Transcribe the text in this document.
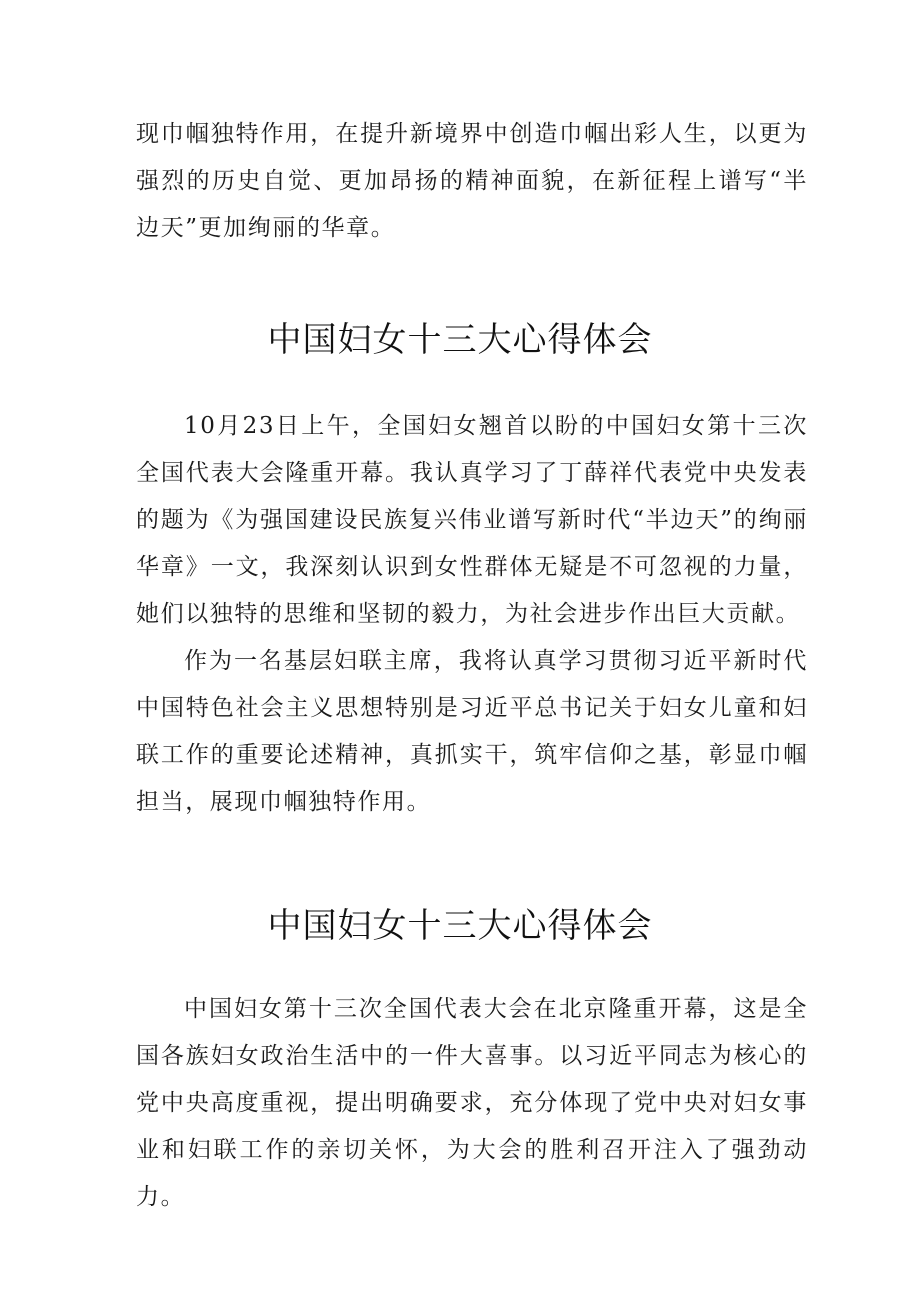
现巾帼独特作用，在提升新境界中创造巾帼出彩人生，以更为强烈的历史自觉、更加昂扬的精神面貌，在新征程上谱写“半边天”更加绚丽的华章。

中国妇女十三大心得体会

10月23日上午，全国妇女翘首以盼的中国妇女第十三次全国代表大会隆重开幕。我认真学习了丁薛祥代表党中央发表的题为《为强国建设民族复兴伟业谱写新时代“半边天”的绚丽华章》一文，我深刻认识到女性群体无疑是不可忽视的力量，她们以独特的思维和坚韧的毅力，为社会进步作出巨大贡献。

作为一名基层妇联主席，我将认真学习贯彻习近平新时代中国特色社会主义思想特别是习近平总书记关于妇女儿童和妇联工作的重要论述精神，真抓实干，筑牢信仰之基，彰显巾帼担当，展现巾帼独特作用。

中国妇女十三大心得体会

中国妇女第十三次全国代表大会在北京隆重开幕，这是全国各族妇女政治生活中的一件大喜事。以习近平同志为核心的党中央高度重视，提出明确要求，充分体现了党中央对妇女事业和妇联工作的亲切关怀，为大会的胜利召开注入了强劲动力。
